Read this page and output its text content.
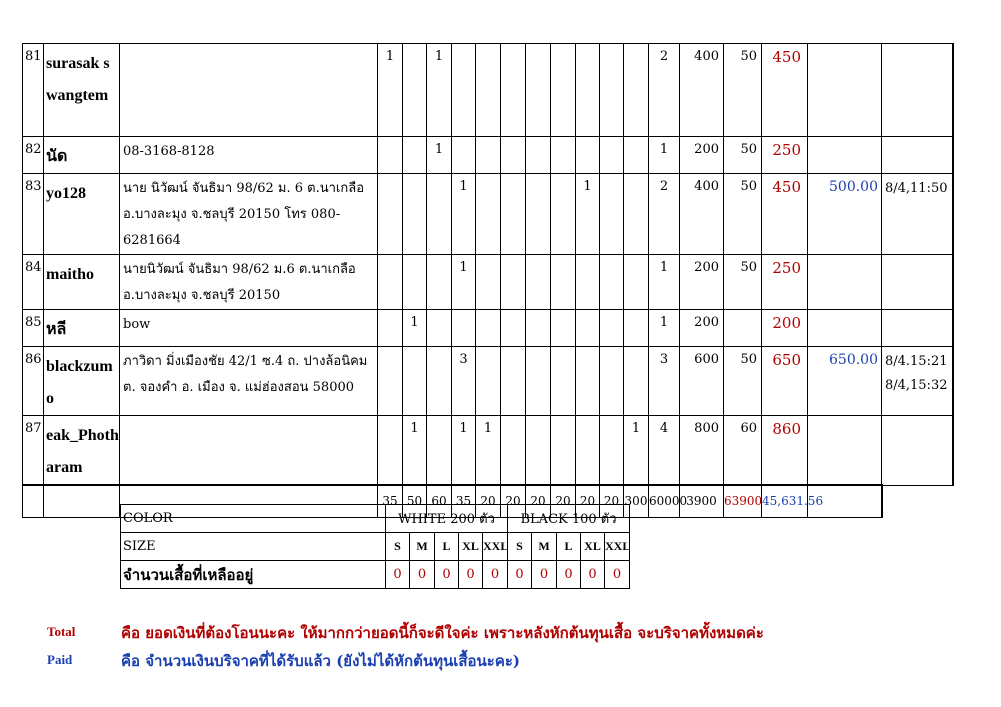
81	surasak swangtem		1		1									2	400	50	450		
82	นัด	08-3168-8128			1									1	200	50	250		
83	yo128	นาย นิวัฒน์ จันธิมา 98/62 ม. 6 ต.นาเกลือ อ.บางละมุง จ.ชลบุรี 20150 โทร 080-6281664				1					1			2	400	50	450	500.00	8/4,11:50
84	maitho	นายนิวัฒน์ จันธิมา 98/62 ม.6 ต.นาเกลือ อ.บางละมุง จ.ชลบุรี 20150				1								1	200	50	250		
85	หลี	bow		1										1	200		200		
86	blackzumo	ภาวิดา มิ่งเมืองชัย 42/1 ซ.4 ถ. ปางล้อนิคม ต. จองคำ อ. เมือง จ. แม่ฮ่องสอน 58000				3								3	600	50	650	650.00	8/4.15:21 8/4,15:32
87	eak_Photharam			1		1	1						1	4	800	60	860		
			35	50	60	35	20	20	20	20	20	20	300	60000	3900	63900	45,631.56		
COLOR	WHITE 200 ตัว					BLACK 100 ตัว				
SIZE	S	M	L	XL	XXL	S	M	L	XL	XXL
จำนวนเสื้อที่เหลืออยู่	0	0	0	0	0	0	0	0	0	0
Total	คือ ยอดเงินที่ต้องโอนนะคะ ให้มากกว่ายอดนี้ก็จะดีใจค่ะ เพราะหลังหักต้นทุนเสื้อ จะบริจาคทั้งหมดค่ะ
Paid	คือ จำนวนเงินบริจาคที่ได้รับแล้ว (ยังไม่ได้หักต้นทุนเสื้อนะคะ)
